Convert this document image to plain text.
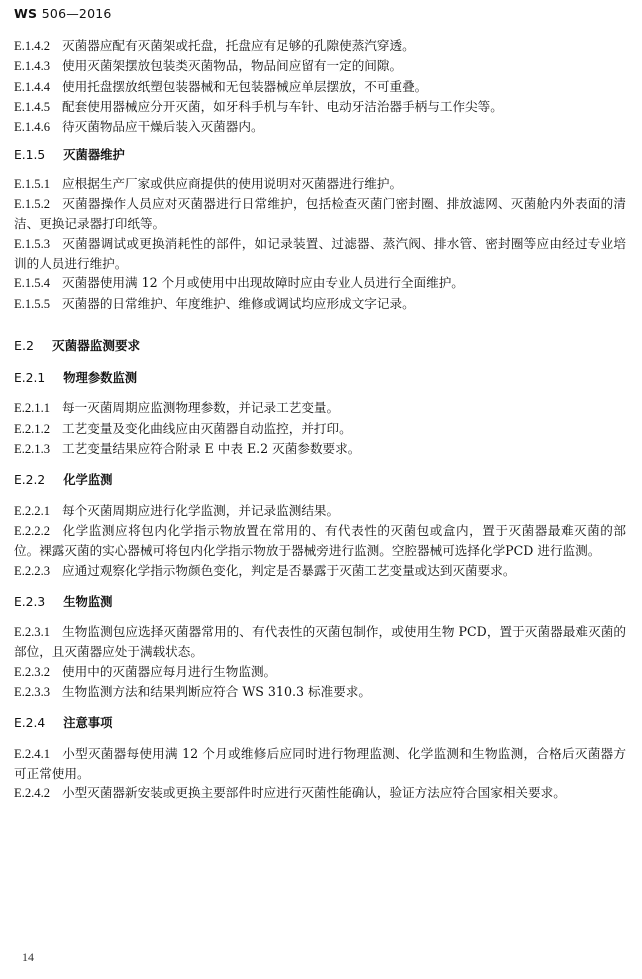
WS 506—2016

E.1.4.2 灭菌器应配有灭菌架或托盘，托盘应有足够的孔隙使蒸汽穿透。

E.1.4.3 使用灭菌架摆放包装类灭菌物品，物品间应留有一定的间隙。

E.1.4.4 使用托盘摆放纸塑包装器械和无包装器械应单层摆放，不可重叠。

E.1.4.5 配套使用器械应分开灭菌，如牙科手机与车针、电动牙洁治器手柄与工作尖等。

E.1.4.6 待灭菌物品应干燥后装入灭菌器内。

E.1.5 灭菌器维护

E.1.5.1 应根据生产厂家或供应商提供的使用说明对灭菌器进行维护。

E.1.5.2 灭菌器操作人员应对灭菌器进行日常维护，包括检查灭菌门密封圈、排放滤网、灭菌舱内外表面的清洁、更换记录器打印纸等。

E.1.5.3 灭菌器调试或更换消耗性的部件，如记录装置、过滤器、蒸汽阀、排水管、密封圈等应由经过专业培训的人员进行维护。

E.1.5.4 灭菌器使用满 12 个月或使用中出现故障时应由专业人员进行全面维护。

E.1.5.5 灭菌器的日常维护、年度维护、维修或调试均应形成文字记录。

E.2 灭菌器监测要求
E.2.1 物理参数监测

E.2.1.1 每一灭菌周期应监测物理参数，并记录工艺变量。

E.2.1.2 工艺变量及变化曲线应由灭菌器自动监控，并打印。

E.2.1.3 工艺变量结果应符合附录 E 中表 E.2 灭菌参数要求。

E.2.2 化学监测

E.2.2.1 每个灭菌周期应进行化学监测，并记录监测结果。

E.2.2.2 化学监测应将包内化学指示物放置在常用的、有代表性的灭菌包或盒内，置于灭菌器最难灭菌的部位。裸露灭菌的实心器械可将包内化学指示物放于器械旁进行监测。空腔器械可选择化学PCD 进行监测。

E.2.2.3 应通过观察化学指示物颜色变化，判定是否暴露于灭菌工艺变量或达到灭菌要求。

E.2.3 生物监测

E.2.3.1 生物监测包应选择灭菌器常用的、有代表性的灭菌包制作，或使用生物 PCD，置于灭菌器最难灭菌的部位，且灭菌器应处于满载状态。

E.2.3.2 使用中的灭菌器应每月进行生物监测。

E.2.3.3 生物监测方法和结果判断应符合 WS 310.3 标准要求。

E.2.4 注意事项

E.2.4.1 小型灭菌器每使用满 12 个月或维修后应同时进行物理监测、化学监测和生物监测，合格后灭菌器方可正常使用。

E.2.4.2 小型灭菌器新安装或更换主要部件时应进行灭菌性能确认，验证方法应符合国家相关要求。

14
